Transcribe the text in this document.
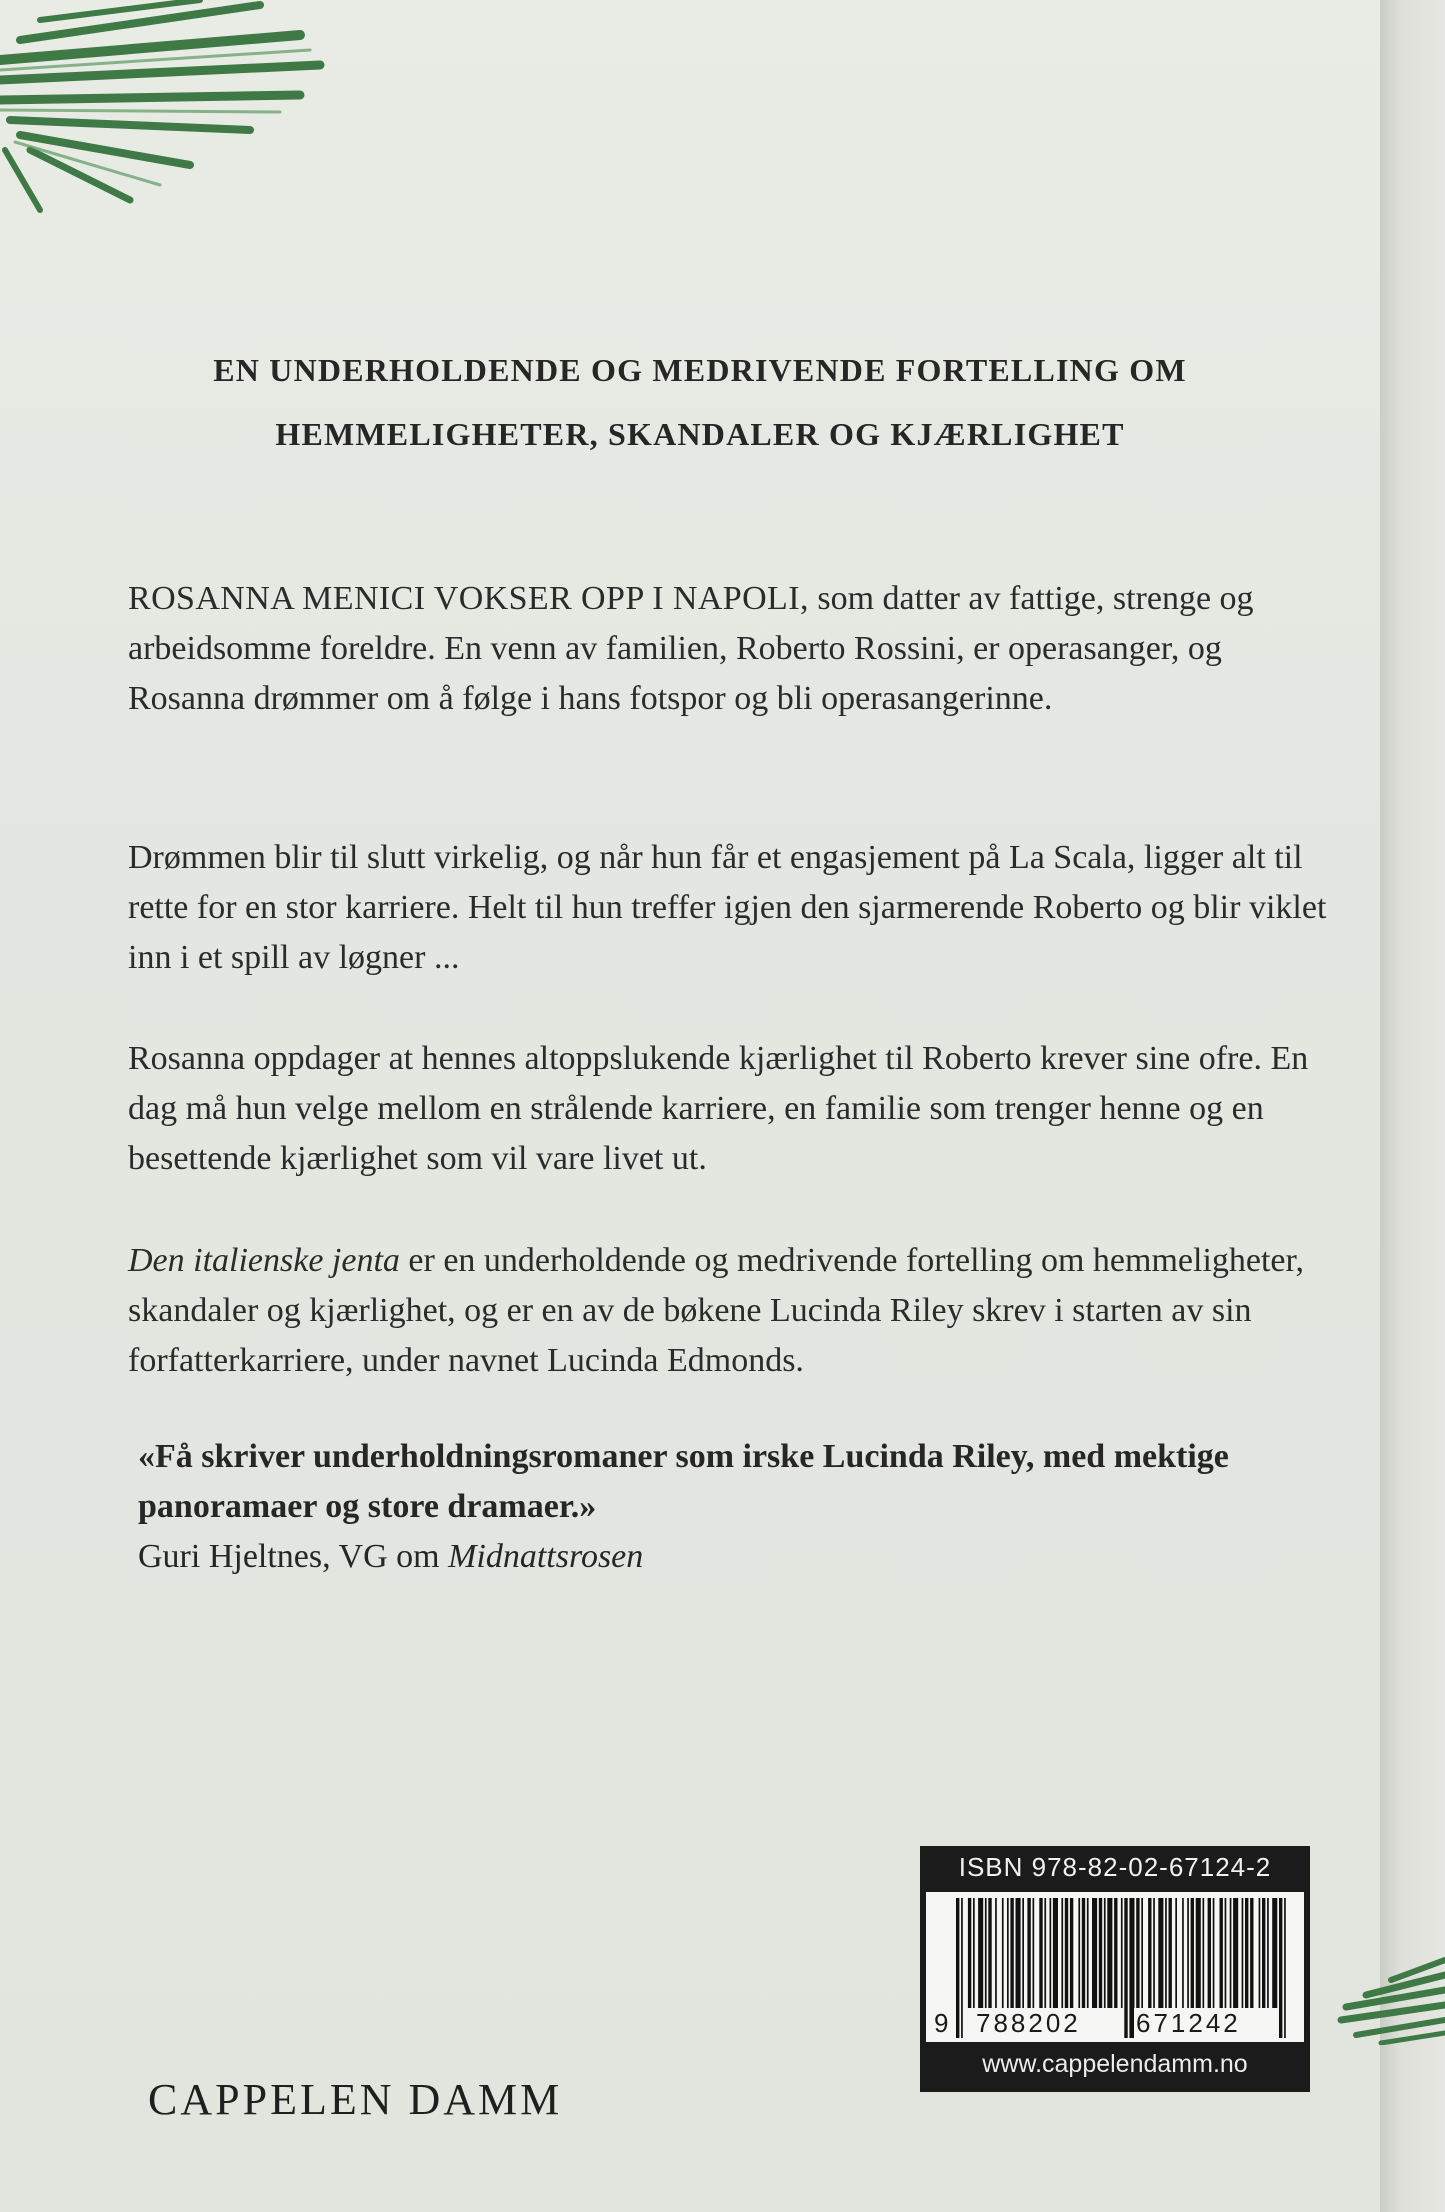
EN UNDERHOLDENDE OG MEDRIVENDE FORTELLING OM
HEMMELIGHETER, SKANDALER OG KJÆRLIGHET

ROSANNA MENICI VOKSER OPP I NAPOLI, som datter av fattige, strenge og arbeidsomme foreldre. En venn av familien, Roberto Rossini, er operasanger, og Rosanna drømmer om å følge i hans fotspor og bli operasangerinne.

Drømmen blir til slutt virkelig, og når hun får et engasjement på La Scala, ligger alt til rette for en stor karriere. Helt til hun treffer igjen den sjarmerende Roberto og blir viklet inn i et spill av løgner ...

Rosanna oppdager at hennes altoppslukende kjærlighet til Roberto krever sine ofre. En dag må hun velge mellom en strålende karriere, en familie som trenger henne og en besettende kjærlighet som vil vare livet ut.

Den italienske jenta er en underholdende og medrivende fortelling om hemmeligheter, skandaler og kjærlighet, og er en av de bøkene Lucinda Riley skrev i starten av sin forfatterkarriere, under navnet Lucinda Edmonds.

«Få skriver underholdningsromaner som irske Lucinda Riley, med mektige panoramaer og store dramaer.»
Guri Hjeltnes, VG om Midnattsrosen
ISBN 978-82-02-67124-2
9 788202 671242
www.cappelendamm.no
CAPPELEN DAMM
